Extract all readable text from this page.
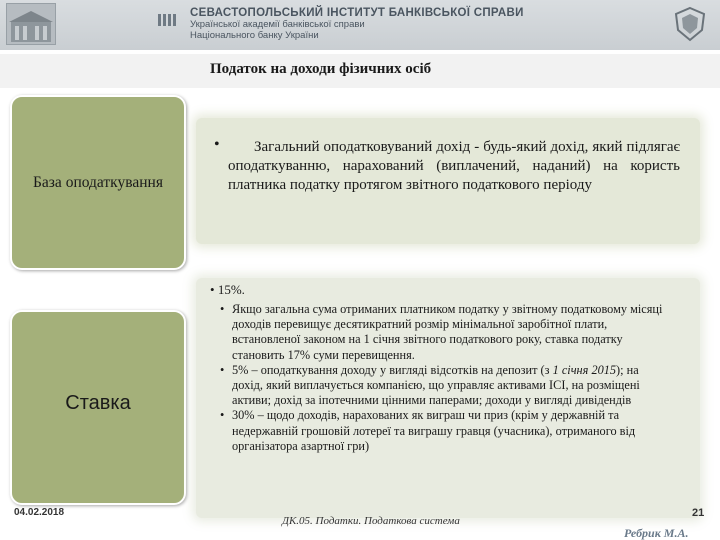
СЕВАСТОПОЛЬСЬКИЙ ІНСТИТУТ БАНКІВСЬКОЇ СПРАВИ
Української академії банківської справи
Національного банку України
Податок на доходи фізичних осіб
База оподаткування
•	Загальний оподатковуваний дохід - будь-який дохід, який підлягає оподаткуванню, нарахований (виплачений, наданий) на користь платника податку протягом звітного податкового періоду

Ставка
• 15%.
• Якщо загальна сума отриманих платником податку у звітному податковому місяці доходів перевищує десятикратний розмір мінімальної заробітної плати, встановленої законом на 1 січня звітного податкового року, ставка податку становить 17% суми перевищення.
• 5% – оподаткування доходу у вигляді відсотків на депозит (з 1 січня 2015); на дохід, який виплачується компанією, що управляє активами ІСІ, на розміщені активи; дохід за іпотечними цінними паперами; доходи у вигляді дивідендів
• 30% – щодо доходів, нарахованих як виграш чи приз (крім у державній та недержавній грошовій лотереї та виграшу гравця (учасника), отриманого від організатора азартної гри)
04.02.2018
ДК.05. Податки. Податкова система
21
Ребрик М.А.
